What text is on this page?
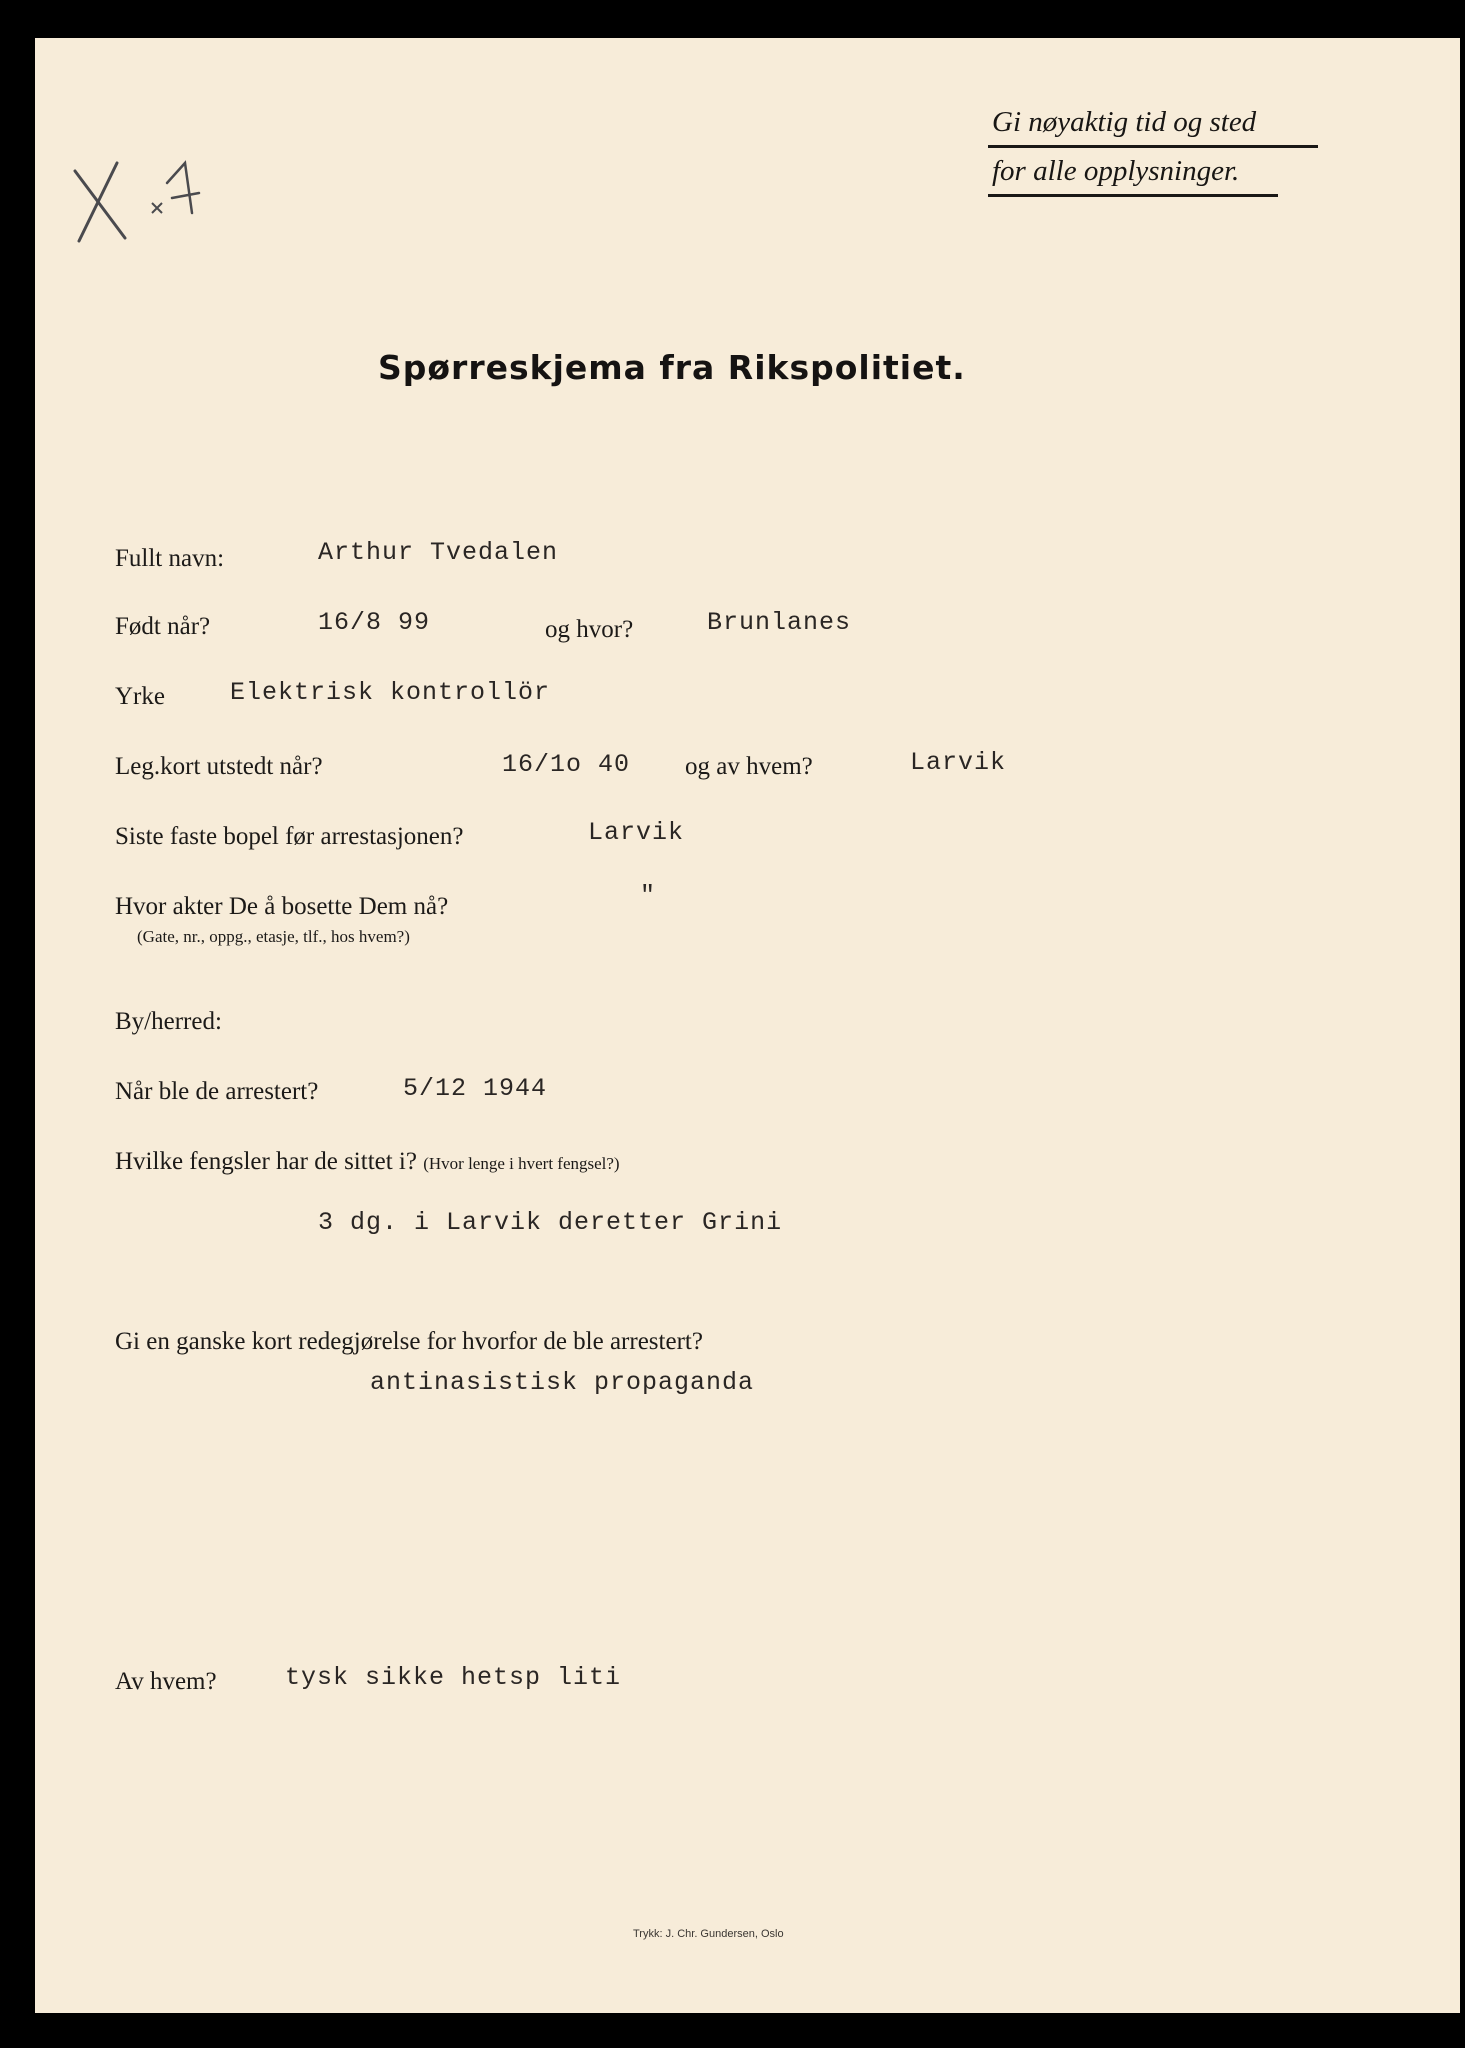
Gi nøyaktig tid og sted
for alle opplysninger.
Spørreskjema fra Rikspolitiet.
Fullt navn:	Arthur Tvedalen
Født når?	16/8 99	og hvor?	Brunlanes
Yrke	Elektrisk kontrollör
Leg.kort utstedt når?	16/1o 40 og av hvem?	Larvik
Siste faste bopel før arrestasjonen?	Larvik
Hvor akter De å bosette Dem nå?	"
(Gate, nr., oppg., etasje, tlf., hos hvem?)
By/herred:
Når ble de arrestert?	5/12 1944
Hvilke fengsler har de sittet i? (Hvor lenge i hvert fengsel?)
3 dg. i Larvik deretter Grini
Gi en ganske kort redegjørelse for hvorfor de ble arrestert?
antinasistisk propaganda
Av hvem?	tysk sikke hetsp liti
Trykk: J. Chr. Gundersen, Oslo
